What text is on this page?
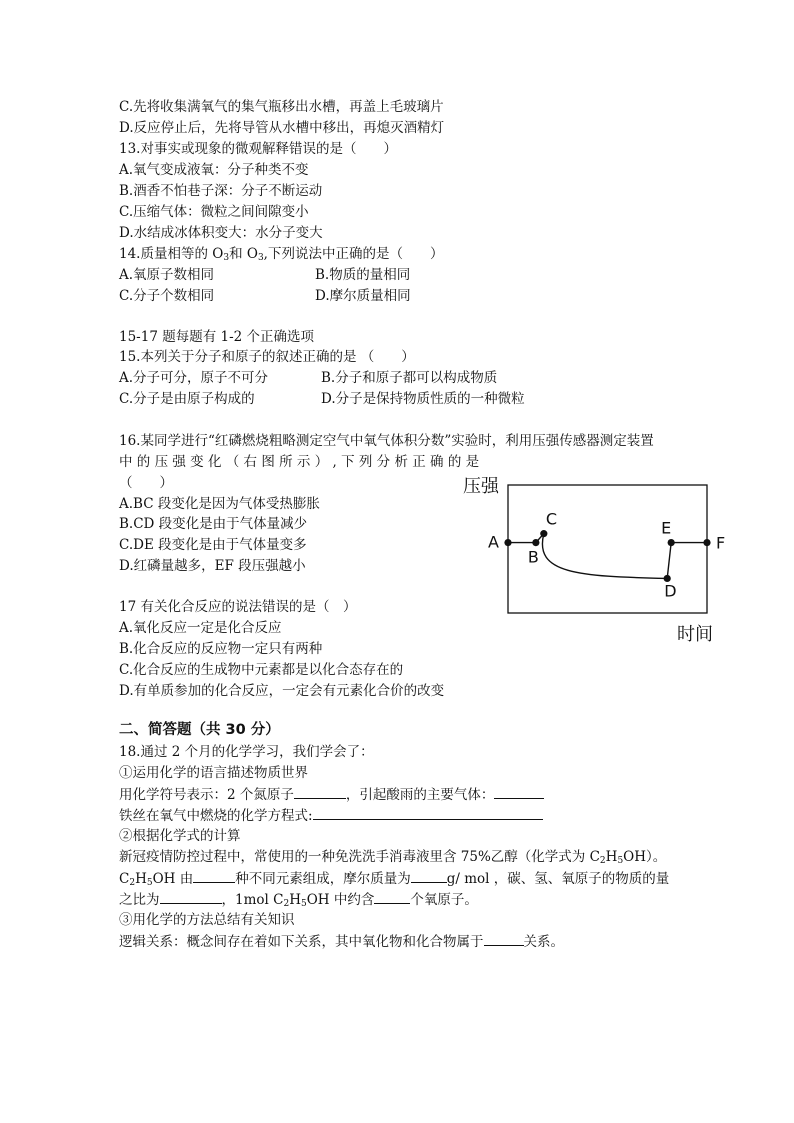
C.先将收集满氧气的集气瓶移出水槽，再盖上毛玻璃片
D.反应停止后，先将导管从水槽中移出，再熄灭酒精灯
13.对事实或现象的微观解释错误的是（　　）
A.氧气变成液氧：分子种类不变
B.酒香不怕巷子深：分子不断运动
C.压缩气体：微粒之间间隙变小
D.水结成冰体积变大：水分子变大
14.质量相等的 $O_3$和 $O_3$,下列说法中正确的是（　　）
A.氧原子数相同	B.物质的量相同
C.分子个数相同	D.摩尔质量相同
15-17 题每题有 1-2 个正确选项
15.本列关于分子和原子的叙述正确的是 （　　）
A.分子可分，原子不可分	B.分子和原子都可以构成物质
C.分子是由原子构成的	D.分子是保持物质性质的一种微粒
16.某同学进行“红磷燃烧粗略测定空气中氧气体积分数”实验时，利用压强传感器测定装置
中 的 压 强 变 化 （ 右 图 所 示 ） , 下 列 分 析 正 确 的 是
（　　）
A.BC 段变化是因为气体受热膨胀
B.CD 段变化是由于气体量减少
C.DE 段变化是由于气体量变多
D.红磷量越多，EF 段压强越小
压强
时间
A
B
C
D
E
F
17 有关化合反应的说法错误的是（　）
A.氧化反应一定是化合反应
B.化合反应的反应物一定只有两种
C.化合反应的生成物中元素都是以化合态存在的
D.有单质参加的化合反应，一定会有元素化合价的改变
二、简答题（共 30 分）
18.通过 2 个月的化学学习，我们学会了：
①运用化学的语言描述物质世界
用化学符号表示：2 个氮原子	，引起酸雨的主要气体：
铁丝在氧气中燃烧的化学方程式:
②根据化学式的计算
新冠疫情防控过程中，常使用的一种免洗洗手消毒液里含 75%乙醇（化学式为 $C_2H_5OH$）。
$C_2H_5OH$ 由	种不同元素组成，摩尔质量为	g/ mol ，碳、氢、氧原子的物质的量
之比为	，1mol $C_2H_5OH$ 中约含	个氧原子。
③用化学的方法总结有关知识
逻辑关系：概念间存在着如下关系，其中氧化物和化合物属于	关系。
